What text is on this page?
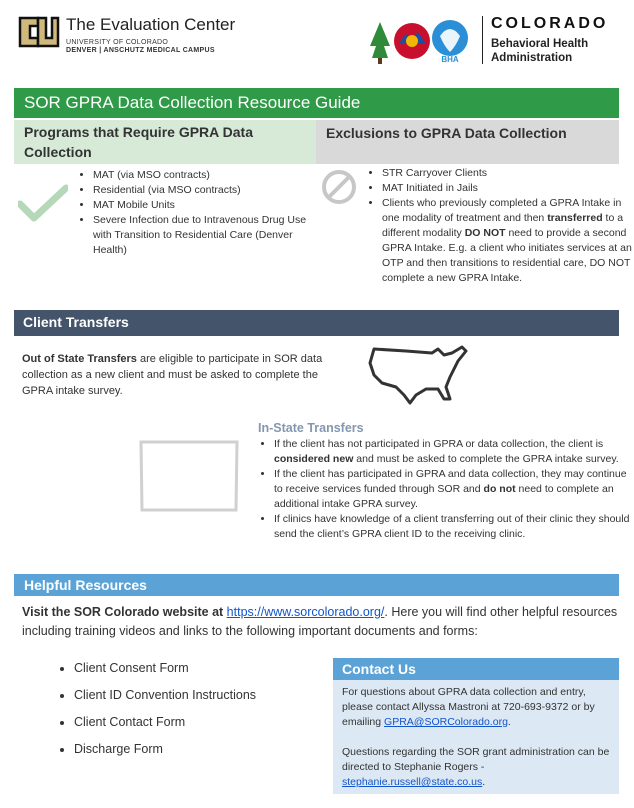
The Evaluation Center
UNIVERSITY OF COLORADO
DENVER | ANSCHUTZ MEDICAL CAMPUS
BHA
COLORADO
Behavioral Health
Administration
SOR GPRA Data Collection Resource Guide
Programs that Require GPRA Data Collection
Exclusions to GPRA Data Collection
• MAT (via MSO contracts)
• Residential (via MSO contracts)
• MAT Mobile Units
• Severe Infection due to Intravenous Drug Use with Transition to Residential Care (Denver Health)
• STR Carryover Clients
• MAT Initiated in Jails
• Clients who previously completed a GPRA Intake in one modality of treatment and then transferred to a different modality DO NOT need to provide a second GPRA Intake. E.g. a client who initiates services at an OTP and then transitions to residential care, DO NOT complete a new GPRA Intake.
Client Transfers
Out of State Transfers are eligible to participate in SOR data collection as a new client and must be asked to complete the GPRA intake survey.
In-State Transfers
• If the client has not participated in GPRA or data collection, the client is considered new and must be asked to complete the GPRA intake survey.
• If the client has participated in GPRA and data collection, they may continue to receive services funded through SOR and do not need to complete an additional intake GPRA survey.
• If clinics have knowledge of a client transferring out of their clinic they should send the client’s GPRA client ID to the receiving clinic.
Helpful Resources
Visit the SOR Colorado website at https://www.sorcolorado.org/. Here you will find other helpful resources including training videos and links to the following important documents and forms:
• Client Consent Form
• Client ID Convention Instructions
• Client Contact Form
• Discharge Form
Contact Us
For questions about GPRA data collection and entry, please contact Allyssa Mastroni at 720-693-9372 or by emailing GPRA@SORColorado.org.
Questions regarding the SOR grant administration can be directed to Stephanie Rogers - stephanie.russell@state.co.us.
